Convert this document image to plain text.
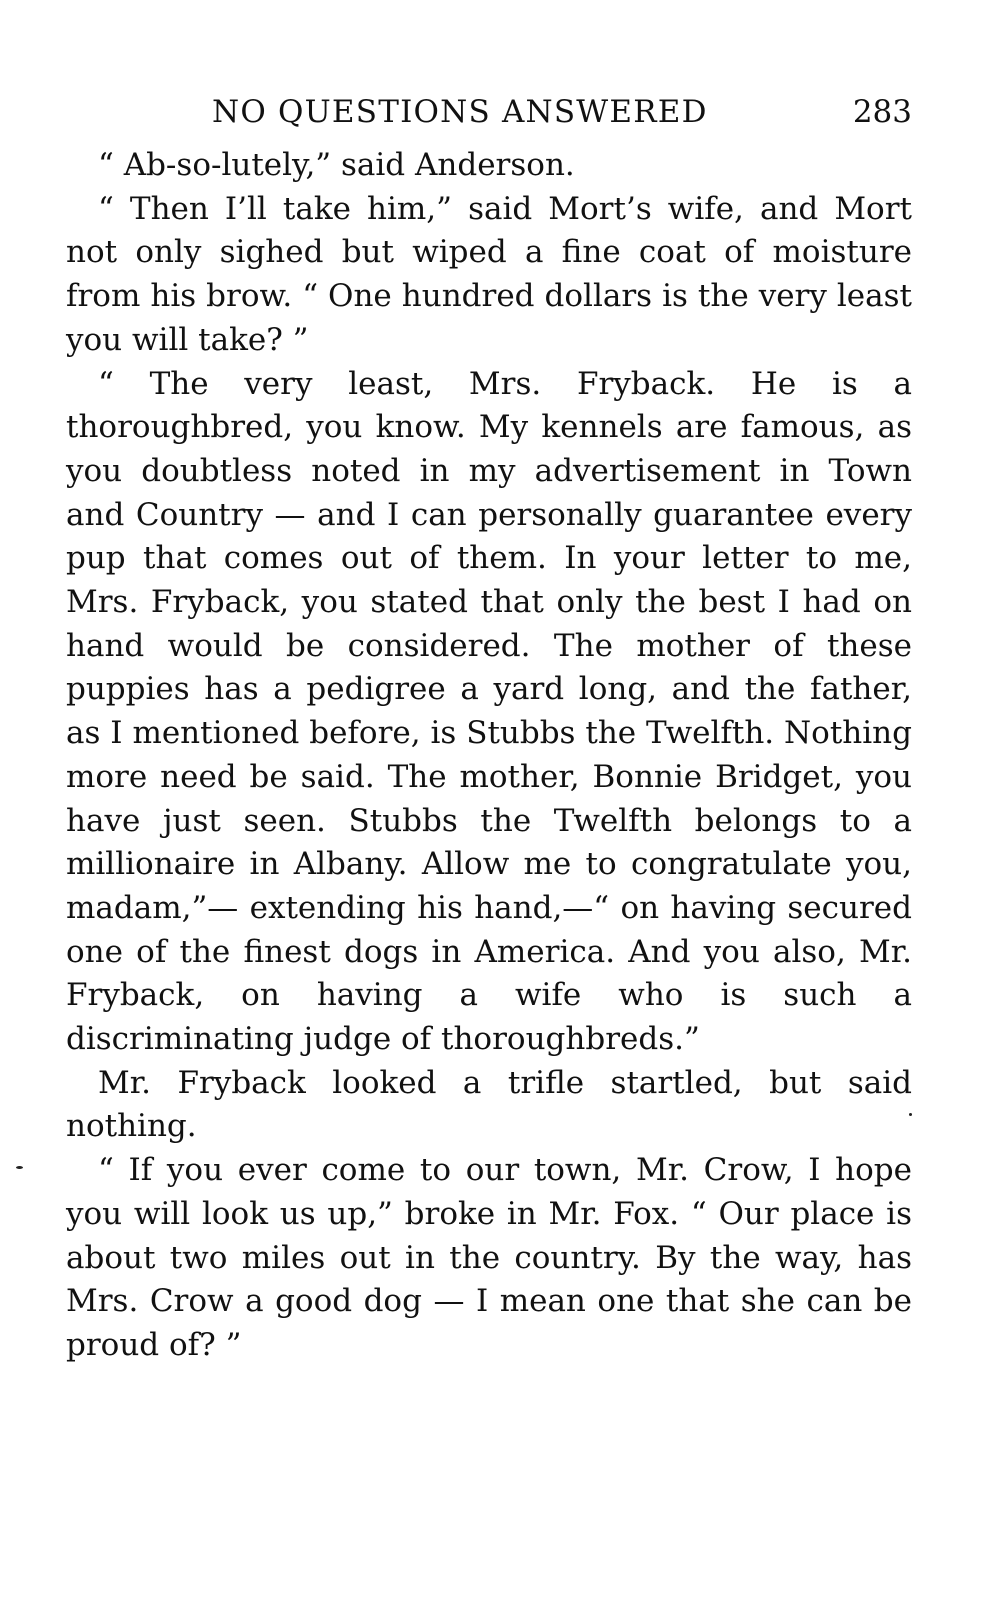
NO QUESTIONS ANSWERED	283

“ Ab-so-lutely,” said Anderson.

“ Then I’ll take him,” said Mort’s wife, and Mort not only sighed but wiped a fine coat of moisture from his brow. “ One hundred dollars is the very least you will take? ”

“ The very least, Mrs. Fryback. He is a thoroughbred, you know. My kennels are famous, as you doubtless noted in my advertisement in Town and Country — and I can personally guarantee every pup that comes out of them. In your letter to me, Mrs. Fryback, you stated that only the best I had on hand would be considered. The mother of these puppies has a pedigree a yard long, and the father, as I mentioned before, is Stubbs the Twelfth. Nothing more need be said. The mother, Bonnie Bridget, you have just seen. Stubbs the Twelfth belongs to a millionaire in Albany. Allow me to congratulate you, madam,”— extending his hand,—“ on having secured one of the finest dogs in America. And you also, Mr. Fryback, on having a wife who is such a discriminating judge of thoroughbreds.”

Mr. Fryback looked a trifle startled, but said nothing.

“ If you ever come to our town, Mr. Crow, I hope you will look us up,” broke in Mr. Fox. “ Our place is about two miles out in the country. By the way, has Mrs. Crow a good dog — I mean one that she can be proud of? ”
